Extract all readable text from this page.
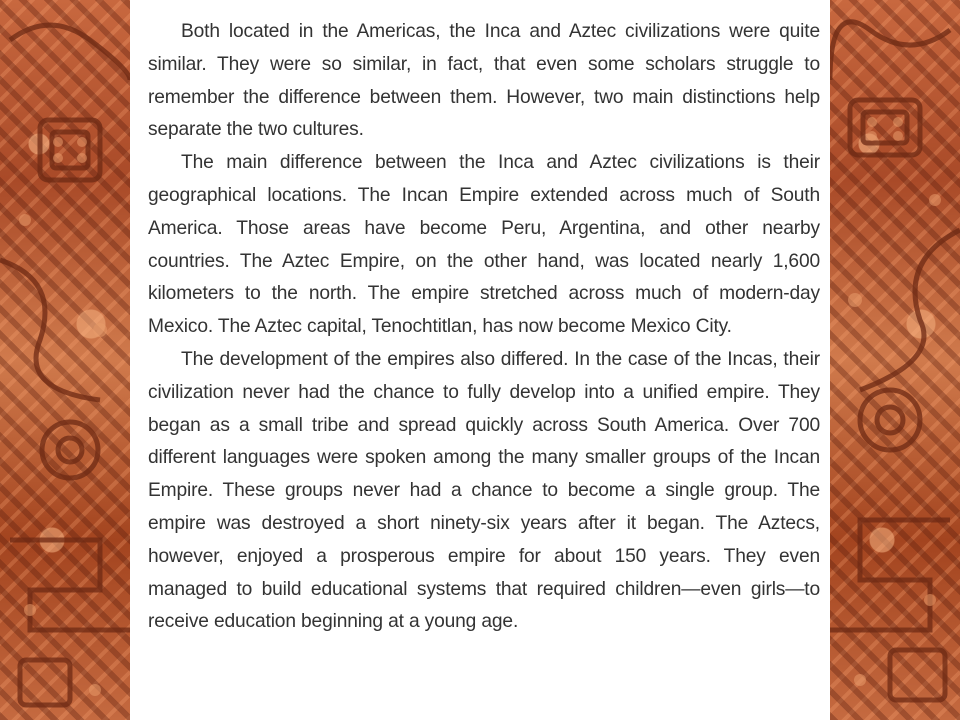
Both located in the Americas, the Inca and Aztec civilizations were quite similar. They were so similar, in fact, that even some scholars struggle to remember the difference between them. However, two main distinctions help separate the two cultures.

The main difference between the Inca and Aztec civilizations is their geographical locations. The Incan Empire extended across much of South America. Those areas have become Peru, Argentina, and other nearby countries. The Aztec Empire, on the other hand, was located nearly 1,600 kilometers to the north. The empire stretched across much of modern-day Mexico. The Aztec capital, Tenochtitlan, has now become Mexico City.

The development of the empires also differed. In the case of the Incas, their civilization never had the chance to fully develop into a unified empire. They began as a small tribe and spread quickly across South America. Over 700 different languages were spoken among the many smaller groups of the Incan Empire. These groups never had a chance to become a single group. The empire was destroyed a short ninety-six years after it began. The Aztecs, however, enjoyed a prosperous empire for about 150 years. They even managed to build educational systems that required children—even girls—to receive education beginning at a young age.
